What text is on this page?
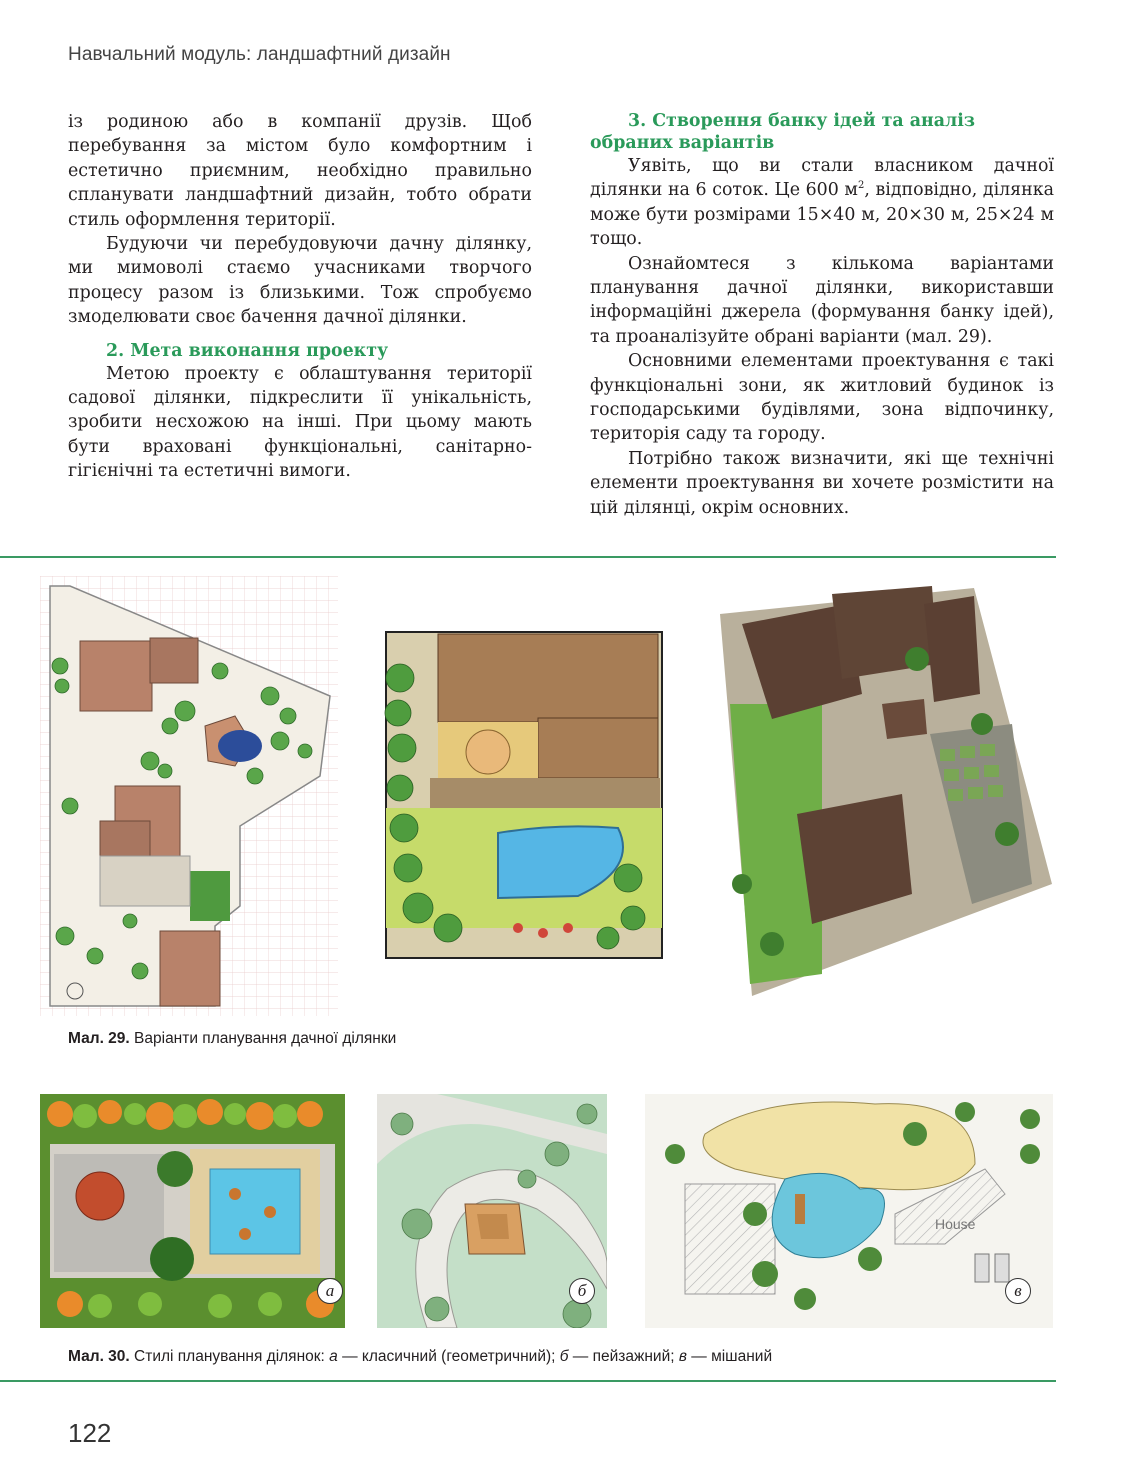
Навчальний модуль: ландшафтний дизайн

із родиною або в компанії друзів. Щоб перебування за містом було комфортним і естетично приємним, необхідно правильно спланувати ландшафтний дизайн, тобто обрати стиль оформлення території.

Будуючи чи перебудовуючи дачну ділянку, ми мимоволі стаємо учасниками творчого процесу разом із близькими. Тож спробуємо змоделювати своє бачення дачної ділянки.

2. Мета виконання проекту

Метою проекту є облаштування території садової ділянки, підкреслити її унікальність, зробити несхожою на інші. При цьому мають бути враховані функціональні, санітарно-гігієнічні та естетичні вимоги.

3. Створення банку ідей та аналіз обраних варіантів

Уявіть, що ви стали власником дачної ділянки на 6 соток. Це 600 $м^2$, відповідно, ділянка може бути розмірами 15×40 м, 20×30 м, 25×24 м тощо.

Ознайомтеся з кількома варіантами планування дачної ділянки, використавши інформаційні джерела (формування банку ідей), та проаналізуйте обрані варіанти (мал. 29).

Основними елементами проектування є такі функціональні зони, як житловий будинок із господарськими будівлями, зона відпочинку, територія саду та городу.

Потрібно також визначити, які ще технічні елементи проектування ви хочете розмістити на цій ділянці, окрім основних.

Мал. 29. Варіанти планування дачної ділянки
а	б
House
в
Мал. 30. Стилі планування ділянок: а — класичний (геометричний); б — пейзажний; в — мішаний
122
